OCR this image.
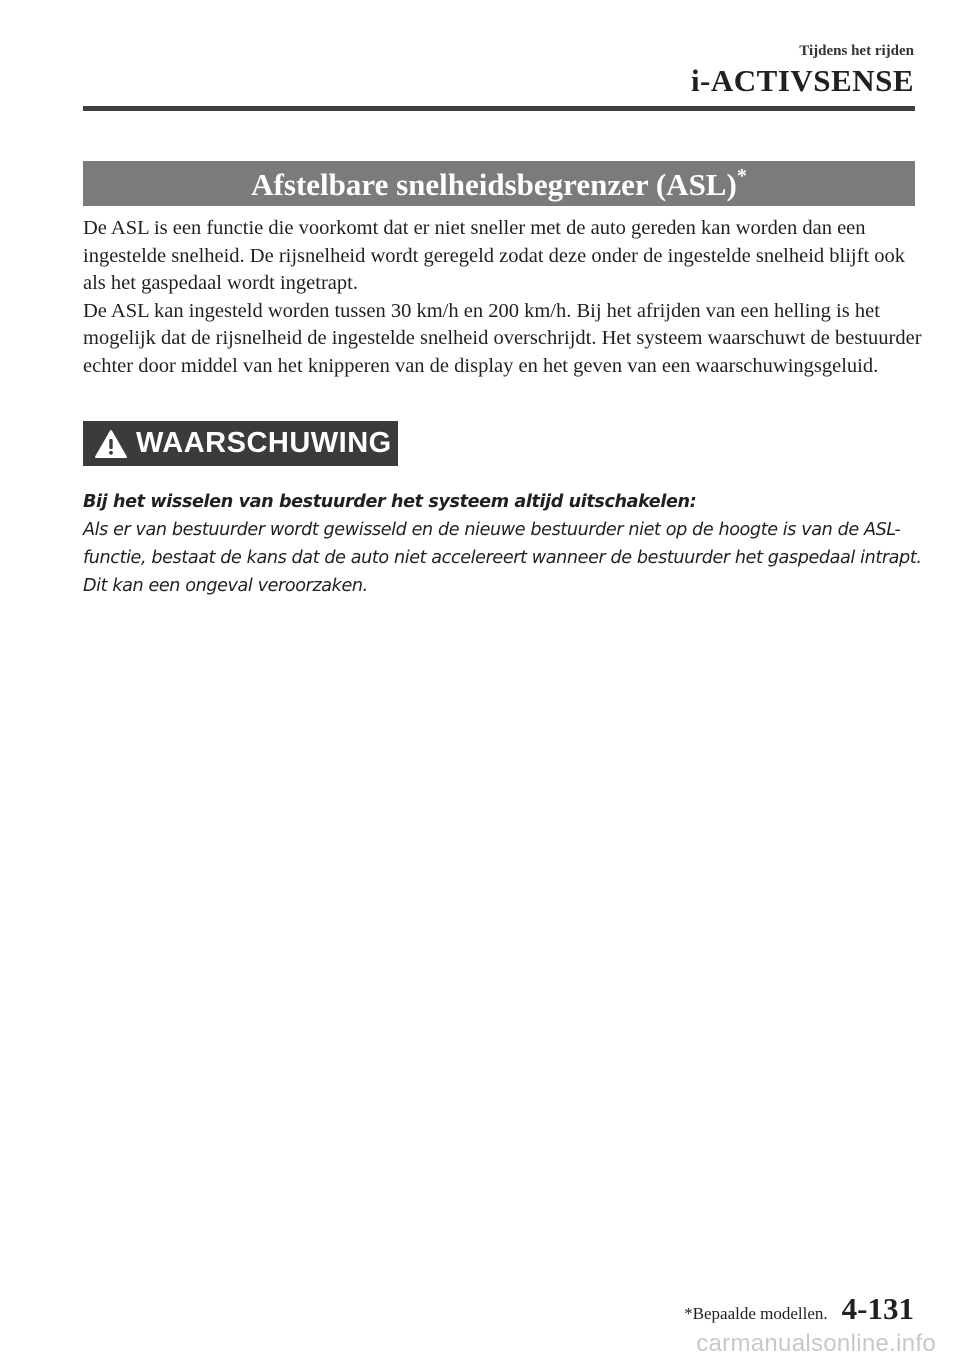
Tijdens het rijden
i-ACTIVSENSE
Afstelbare snelheidsbegrenzer (ASL)*

De ASL is een functie die voorkomt dat er niet sneller met de auto gereden kan worden dan een ingestelde snelheid. De rijsnelheid wordt geregeld zodat deze onder de ingestelde snelheid blijft ook als het gaspedaal wordt ingetrapt.

De ASL kan ingesteld worden tussen 30 km/h en 200 km/h. Bij het afrijden van een helling is het mogelijk dat de rijsnelheid de ingestelde snelheid overschrijdt. Het systeem waarschuwt de bestuurder echter door middel van het knipperen van de display en het geven van een waarschuwingsgeluid.

WAARSCHUWING

Bij het wisselen van bestuurder het systeem altijd uitschakelen:

Als er van bestuurder wordt gewisseld en de nieuwe bestuurder niet op de hoogte is van de ASL-functie, bestaat de kans dat de auto niet accelereert wanneer de bestuurder het gaspedaal intrapt. Dit kan een ongeval veroorzaken.

*Bepaalde modellen. 4-131
carmanualsonline.info
